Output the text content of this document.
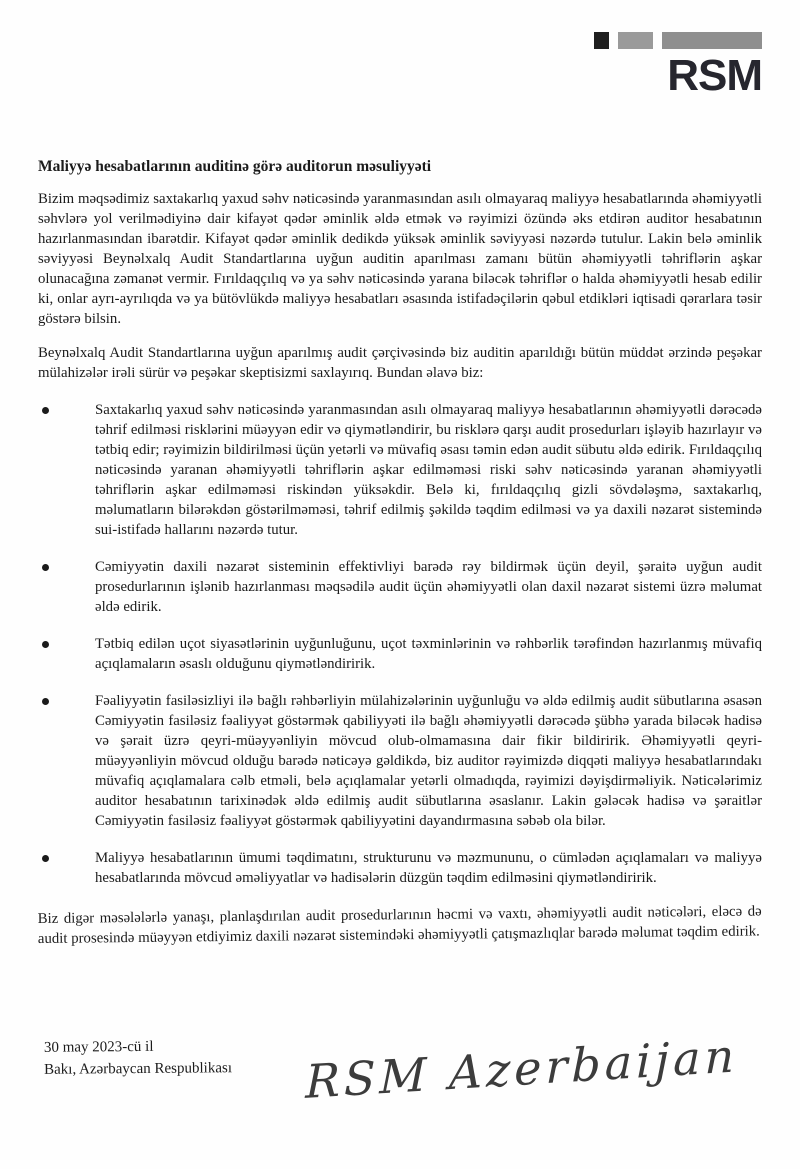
RSM
Maliyyə hesabatlarının auditinə görə auditorun məsuliyyəti

Bizim məqsədimiz saxtakarlıq yaxud səhv nəticəsində yaranmasından asılı olmayaraq maliyyə hesabatlarında əhəmiyyətli səhvlərə yol verilmədiyinə dair kifayət qədər əminlik əldə etmək və rəyimizi özündə əks etdirən auditor hesabatının hazırlanmasından ibarətdir. Kifayət qədər əminlik dedikdə yüksək əminlik səviyyəsi nəzərdə tutulur. Lakin belə əminlik səviyyəsi Beynəlxalq Audit Standartlarına uyğun auditin aparılması zamanı bütün əhəmiyyətli təhriflərin aşkar olunacağına zəmanət vermir. Fırıldaqçılıq və ya səhv nəticəsində yarana biləcək təhriflər o halda əhəmiyyətli hesab edilir ki, onlar ayrı-ayrılıqda və ya bütövlükdə maliyyə hesabatları əsasında istifadəçilərin qəbul etdikləri iqtisadi qərarlara təsir göstərə bilsin.

Beynəlxalq Audit Standartlarına uyğun aparılmış audit çərçivəsində biz auditin aparıldığı bütün müddət ərzində peşəkar mülahizələr irəli sürür və peşəkar skeptisizmi saxlayırıq. Bundan əlavə biz:

Saxtakarlıq yaxud səhv nəticəsində yaranmasından asılı olmayaraq maliyyə hesabatlarının əhəmiyyətli dərəcədə təhrif edilməsi risklərini müəyyən edir və qiymətləndirir, bu risklərə qarşı audit prosedurları işləyib hazırlayır və tətbiq edir; rəyimizin bildirilməsi üçün yetərli və müvafiq əsası təmin edən audit sübutu əldə edirik. Fırıldaqçılıq nəticəsində yaranan əhəmiyyətli təhriflərin aşkar edilməməsi riski səhv nəticəsində yaranan əhəmiyyətli təhriflərin aşkar edilməməsi riskindən yüksəkdir. Belə ki, fırıldaqçılıq gizli sövdələşmə, saxtakarlıq, məlumatların bilərəkdən göstərilməməsi, təhrif edilmiş şəkildə təqdim edilməsi və ya daxili nəzarət sistemində sui-istifadə hallarını nəzərdə tutur.
Cəmiyyətin daxili nəzarət sisteminin effektivliyi barədə rəy bildirmək üçün deyil, şəraitə uyğun audit prosedurlarının işlənib hazırlanması məqsədilə audit üçün əhəmiyyətli olan daxil nəzarət sistemi üzrə məlumat əldə edirik.
Tətbiq edilən uçot siyasətlərinin uyğunluğunu, uçot təxminlərinin və rəhbərlik tərəfindən hazırlanmış müvafiq açıqlamaların əsaslı olduğunu qiymətləndiririk.
Fəaliyyətin fasiləsizliyi ilə bağlı rəhbərliyin mülahizələrinin uyğunluğu və əldə edilmiş audit sübutlarına əsasən Cəmiyyətin fasiləsiz fəaliyyət göstərmək qabiliyyəti ilə bağlı əhəmiyyətli dərəcədə şübhə yarada biləcək hadisə və şərait üzrə qeyri-müəyyənliyin mövcud olub-olmamasına dair fikir bildiririk. Əhəmiyyətli qeyri-müəyyənliyin mövcud olduğu barədə nəticəyə gəldikdə, biz auditor rəyimizdə diqqəti maliyyə hesabatlarındakı müvafiq açıqlamalara cəlb etməli, belə açıqlamalar yetərli olmadıqda, rəyimizi dəyişdirməliyik. Nəticələrimiz auditor hesabatının tarixinədək əldə edilmiş audit sübutlarına əsaslanır. Lakin gələcək hadisə və şəraitlər Cəmiyyətin fasiləsiz fəaliyyət göstərmək qabiliyyətini dayandırmasına səbəb ola bilər.
Maliyyə hesabatlarının ümumi təqdimatını, strukturunu və məzmununu, o cümlədən açıqlamaları və maliyyə hesabatlarında mövcud əməliyyatlar və hadisələrin düzgün təqdim edilməsini qiymətləndiririk.

Biz digər məsələlərlə yanaşı, planlaşdırılan audit prosedurlarının həcmi və vaxtı, əhəmiyyətli audit nəticələri, eləcə də audit prosesində müəyyən etdiyimiz daxili nəzarət sistemindəki əhəmiyyətli çatışmazlıqlar barədə məlumat təqdim edirik.

30 may 2023-cü il
Bakı, Azərbaycan Respublikası RSM Azerbaijan
